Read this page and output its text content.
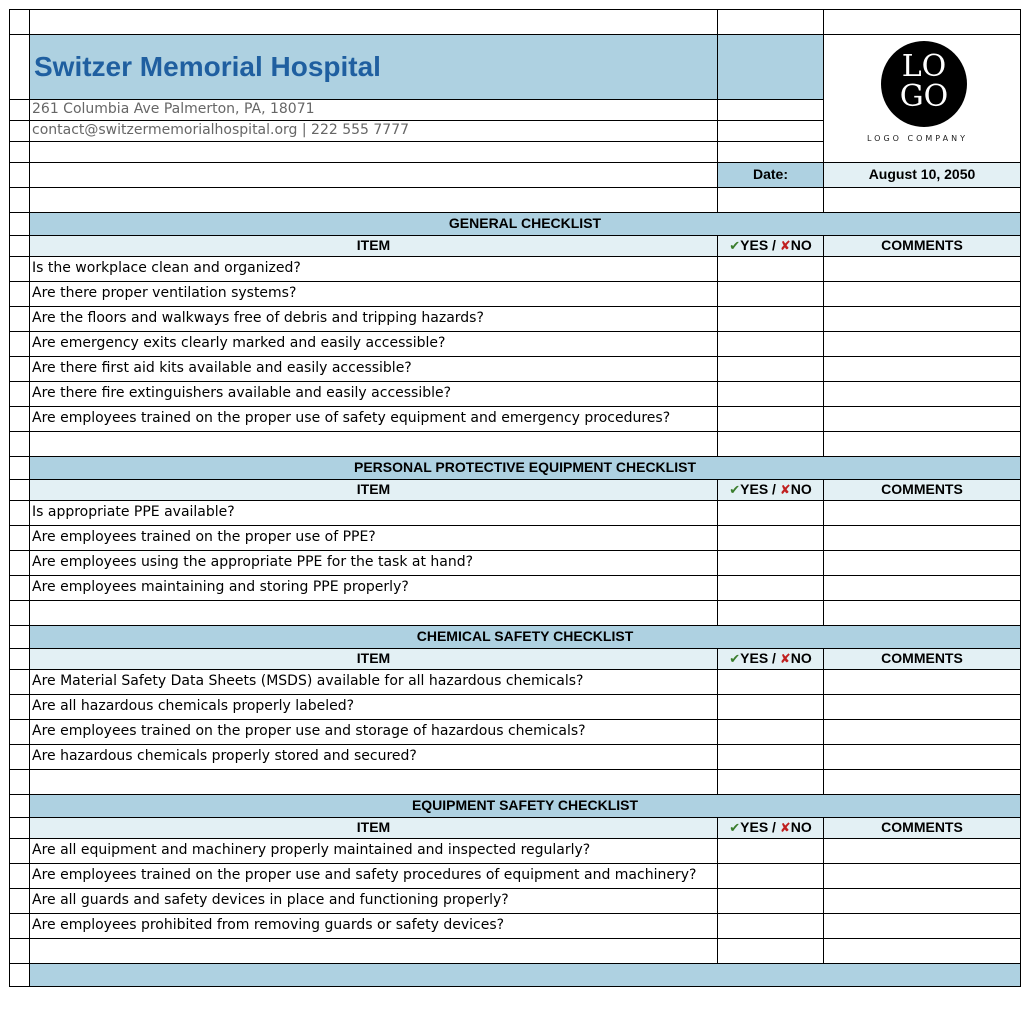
	Switzer Memorial Hospital		LO
GO
LOGO COMPANY

	261 Columbia Ave Palmerton, PA, 18071		
	contact@switzermemorialhospital.org | 222 555 7777		

		Date:	August 10, 2050

	GENERAL CHECKLIST		
	ITEM	✔YES / ✘NO	COMMENTS
	Is the workplace clean and organized?		
	Are there proper ventilation systems?		
	Are the floors and walkways free of debris and tripping hazards?		
	Are emergency exits clearly marked and easily accessible?		
	Are there first aid kits available and easily accessible?		
	Are there fire extinguishers available and easily accessible?		
	Are employees trained on the proper use of safety equipment and emergency procedures?		

	PERSONAL PROTECTIVE EQUIPMENT CHECKLIST		
	ITEM	✔YES / ✘NO	COMMENTS
	Is appropriate PPE available?		
	Are employees trained on the proper use of PPE?		
	Are employees using the appropriate PPE for the task at hand?		
	Are employees maintaining and storing PPE properly?		

	CHEMICAL SAFETY CHECKLIST		
	ITEM	✔YES / ✘NO	COMMENTS
	Are Material Safety Data Sheets (MSDS) available for all hazardous chemicals?		
	Are all hazardous chemicals properly labeled?		
	Are employees trained on the proper use and storage of hazardous chemicals?		
	Are hazardous chemicals properly stored and secured?		

	EQUIPMENT SAFETY CHECKLIST		
	ITEM	✔YES / ✘NO	COMMENTS
	Are all equipment and machinery properly maintained and inspected regularly?		
	Are employees trained on the proper use and safety procedures of equipment and machinery?		
	Are all guards and safety devices in place and functioning properly?		
	Are employees prohibited from removing guards or safety devices?		
